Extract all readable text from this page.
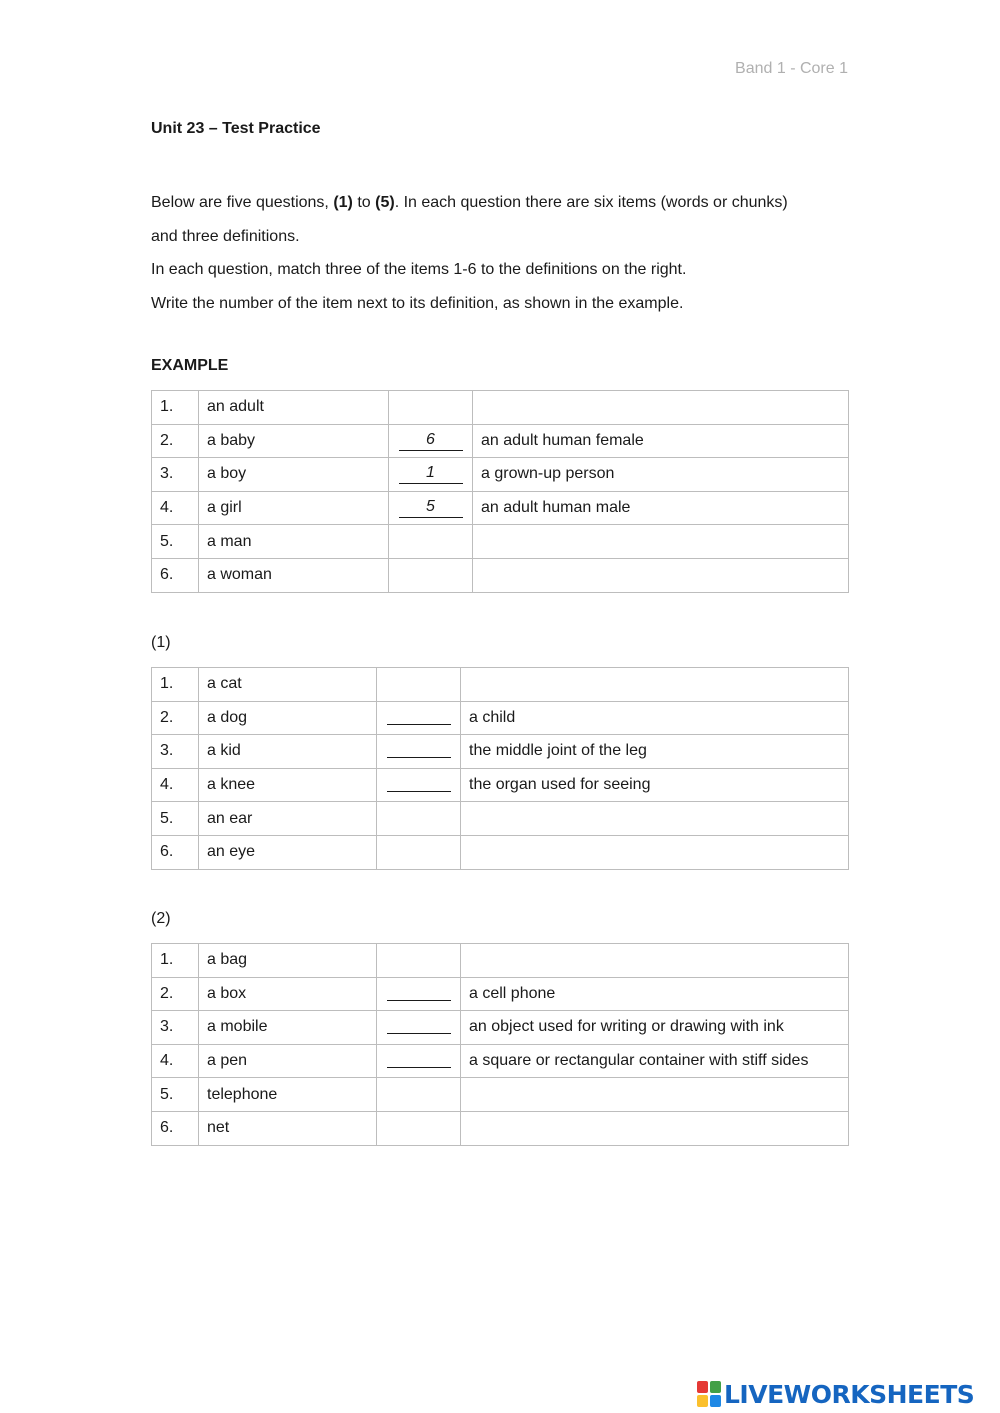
Band 1 - Core 1
Unit 23 – Test Practice

Below are five questions, (1) to (5). In each question there are six items (words or chunks)

and three definitions.

In each question, match three of the items 1-6 to the definitions on the right.

Write the number of the item next to its definition, as shown in the example.

EXAMPLE
1.	an adult		
2.	a baby	6	an adult human female
3.	a boy	1	a grown-up person
4.	a girl	5	an adult human male
5.	a man		
6.	a woman		
(1)
1.	a cat		
2.	a dog		a child
3.	a kid		the middle joint of the leg
4.	a knee		the organ used for seeing
5.	an ear		
6.	an eye		
(2)
1.	a bag		
2.	a box		a cell phone
3.	a mobile		an object used for writing or drawing with ink
4.	a pen		a square or rectangular container with stiff sides
5.	telephone		
6.	net		
LIVEWORKSHEETS
